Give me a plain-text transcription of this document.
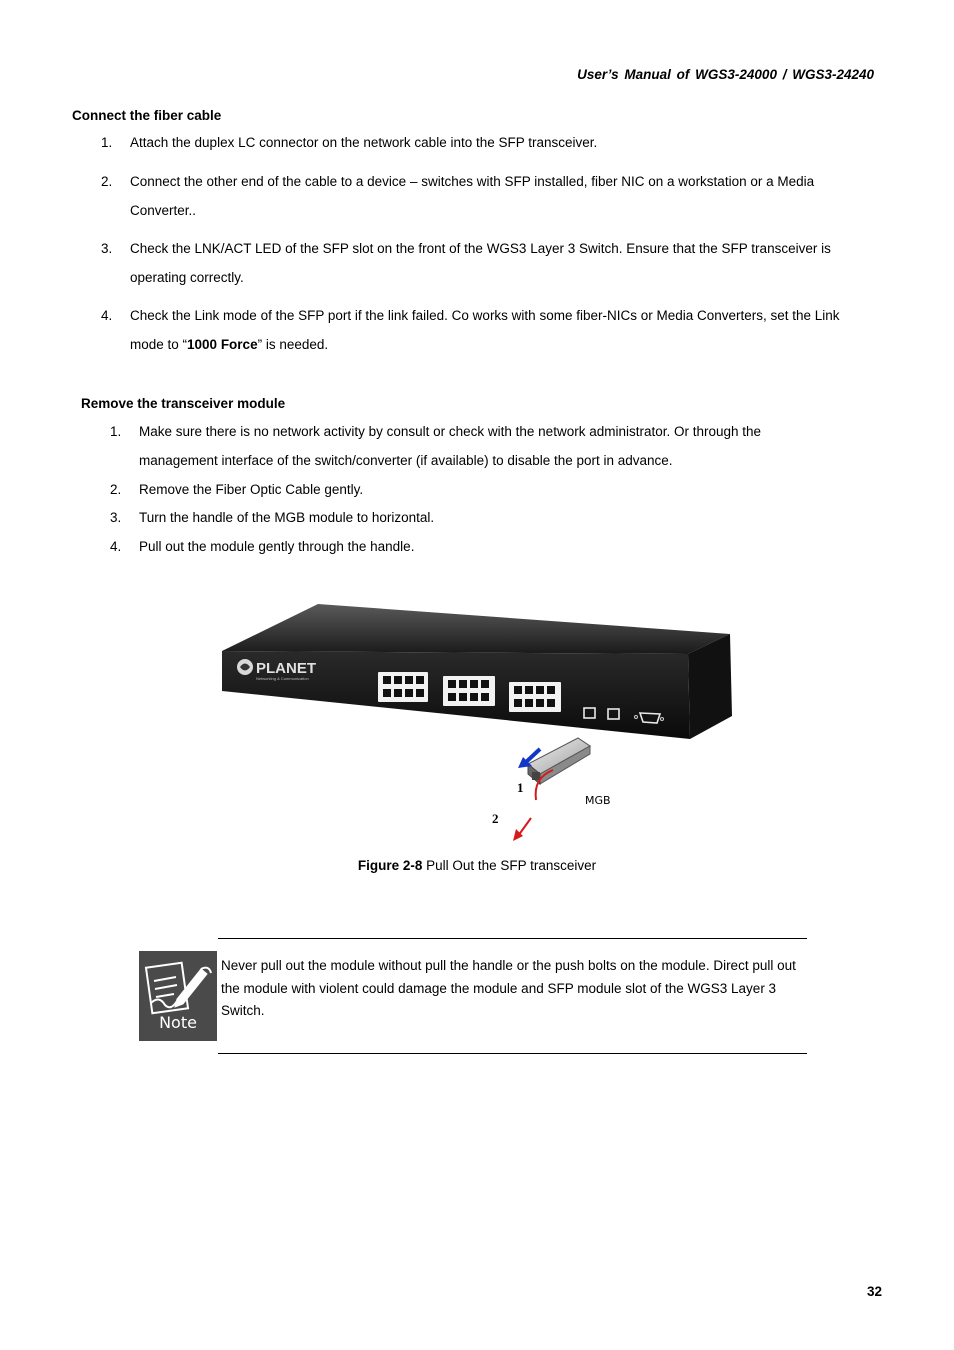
User’s Manual of WGS3-24000 / WGS3-24240
Connect the fiber cable
1. Attach the duplex LC connector on the network cable into the SFP transceiver.
2. Connect the other end of the cable to a device – switches with SFP installed, fiber NIC on a workstation or a Media
Converter..
3. Check the LNK/ACT LED of the SFP slot on the front of the WGS3 Layer 3 Switch. Ensure that the SFP transceiver is
operating correctly.
4. Check the Link mode of the SFP port if the link failed. Co works with some fiber-NICs or Media Converters, set the Link
mode to “1000 Force” is needed.
Remove the transceiver module
1. Make sure there is no network activity by consult or check with the network administrator. Or through the
management interface of the switch/converter (if available) to disable the port in advance.
2. Remove the Fiber Optic Cable gently.
3. Turn the handle of the MGB module to horizontal.
4. Pull out the module gently through the handle.
PLANET
Networking & Communication
1
2
MGB
Figure 2-8 Pull Out the SFP transceiver
Note
Never pull out the module without pull the handle or the push bolts on the module. Direct pull out the module with violent could damage the module and SFP module slot of the WGS3 Layer 3 Switch.
32
